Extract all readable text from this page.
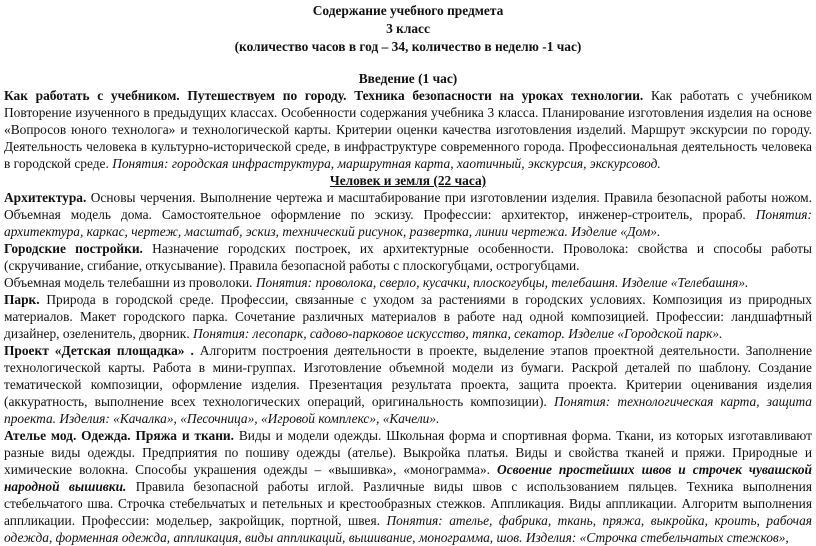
Содержание учебного предмета
3 класс
(количество часов в год – 34, количество в неделю -1 час)
Введение (1 час)

Как работать с учебником. Путешествуем по городу. Техника безопасности на уроках технологии. Как работать с учебником Повторение изученного в предыдущих классах. Особенности содержания учебника 3 класса. Планирование изготовления изделия на основе «Вопросов юного технолога» и технологической карты. Критерии оценки качества изготовления изделий. Маршрут экскурсии по городу. Деятельность человека в культурно-исторической среде, в инфраструктуре современного города. Профессиональная деятельность человека в городской среде. Понятия: городская инфраструктура, маршрутная карта, хаотичный, экскурсия, экскурсовод.

Человек и земля (22 часа)

Архитектура. Основы черчения. Выполнение чертежа и масштабирование при изготовлении изделия. Правила безопасной работы ножом. Объемная модель дома. Самостоятельное оформление по эскизу. Профессии: архитектор, инженер-строитель, прораб. Понятия: архитектура, каркас, чертеж, масштаб, эскиз, технический рисунок, развертка, линии чертежа. Изделие «Дом».

Городские постройки. Назначение городских построек, их архитектурные особенности. Проволока: свойства и способы работы (скручивание, сгибание, откусывание). Правила безопасной работы с плоскогубцами, острогубцами.

Объемная модель телебашни из проволоки. Понятия: проволока, сверло, кусачки, плоскогубцы, телебашня. Изделие «Телебашня».

Парк. Природа в городской среде. Профессии, связанные с уходом за растениями в городских условиях. Композиция из природных материалов. Макет городского парка. Сочетание различных материалов в работе над одной композицией. Профессии: ландшафтный дизайнер, озеленитель, дворник. Понятия: лесопарк, садово-парковое искусство, тяпка, секатор. Изделие «Городской парк».

Проект «Детская площадка» . Алгоритм построения деятельности в проекте, выделение этапов проектной деятельности. Заполнение технологической карты. Работа в мини-группах. Изготовление объемной модели из бумаги. Раскрой деталей по шаблону. Создание тематической композиции, оформление изделия. Презентация результата проекта, защита проекта. Критерии оценивания изделия (аккуратность, выполнение всех технологических операций, оригинальность композиции). Понятия: технологическая карта, защита проекта. Изделия: «Качалка», «Песочница», «Игровой комплекс», «Качели».

Ателье мод. Одежда. Пряжа и ткани. Виды и модели одежды. Школьная форма и спортивная форма. Ткани, из которых изготавливают разные виды одежды. Предприятия по пошиву одежды (ателье). Выкройка платья. Виды и свойства тканей и пряжи. Природные и химические волокна. Способы украшения одежды – «вышивка», «монограмма». Освоение простейших швов и строчек чувашской народной вышивки. Правила безопасной работы иглой. Различные виды швов с использованием пяльцев. Техника выполнения стебельчатого шва. Строчка стебельчатых и петельных и крестообразных стежков. Аппликация. Виды аппликации. Алгоритм выполнения аппликации. Профессии: модельер, закройщик, портной, швея. Понятия: ателье, фабрика, ткань, пряжа, выкройка, кроить, рабочая одежда, форменная одежда, аппликация, виды аппликаций, вышивание, монограмма, шов. Изделия: «Строчка стебельчатых стежков»,
